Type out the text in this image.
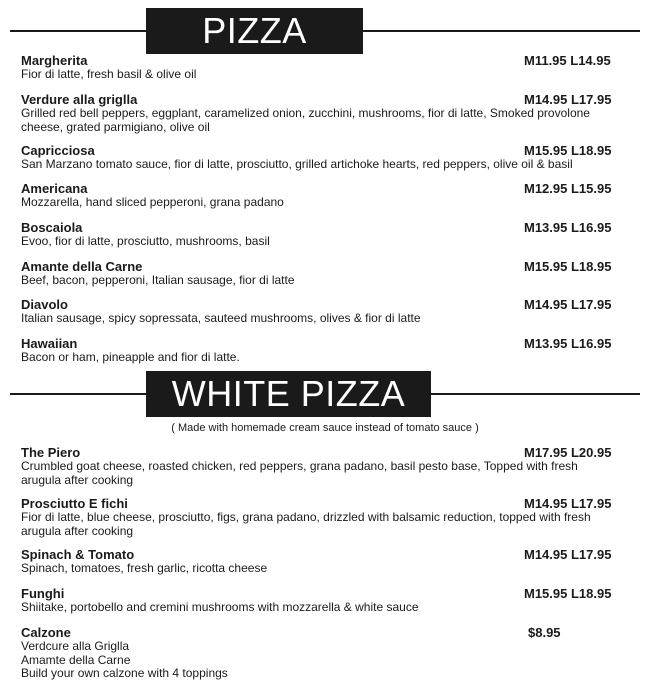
PIZZA
Margherita	M11.95 L14.95
Fior di latte, fresh basil & olive oil
Verdure alla griglla	M14.95 L17.95
Grilled red bell peppers, eggplant, caramelized onion, zucchini, mushrooms, fior di latte, Smoked provolone
cheese, grated parmigiano, olive oil
Capricciosa	M15.95 L18.95
San Marzano tomato sauce, fior di latte, prosciutto, grilled artichoke hearts, red peppers, olive oil & basil
Americana	M12.95 L15.95
Mozzarella, hand sliced pepperoni, grana padano
Boscaiola	M13.95 L16.95
Evoo, fior di latte, prosciutto, mushrooms, basil
Amante della Carne	M15.95 L18.95
Beef, bacon, pepperoni, Italian sausage, fior di latte
Diavolo	M14.95 L17.95
Italian sausage, spicy sopressata, sauteed mushrooms, olives & fior di latte
Hawaiian	M13.95 L16.95
Bacon or ham, pineapple and fior di latte.
WHITE PIZZA
( Made with homemade cream sauce instead of tomato sauce )
The Piero	M17.95 L20.95
Crumbled goat cheese, roasted chicken, red peppers, grana padano, basil pesto base, Topped with fresh
arugula after cooking
Prosciutto E fichi	M14.95 L17.95
Fior di latte, blue cheese, prosciutto, figs, grana padano, drizzled with balsamic reduction, topped with fresh
arugula after cooking
Spinach & Tomato	M14.95 L17.95
Spinach, tomatoes, fresh garlic, ricotta cheese
Funghi	M15.95 L18.95
Shiitake, portobello and cremini mushrooms with mozzarella & white sauce
Calzone	$8.95
Verdcure alla Griglla
Amamte della Carne
Build your own calzone with 4 toppings
